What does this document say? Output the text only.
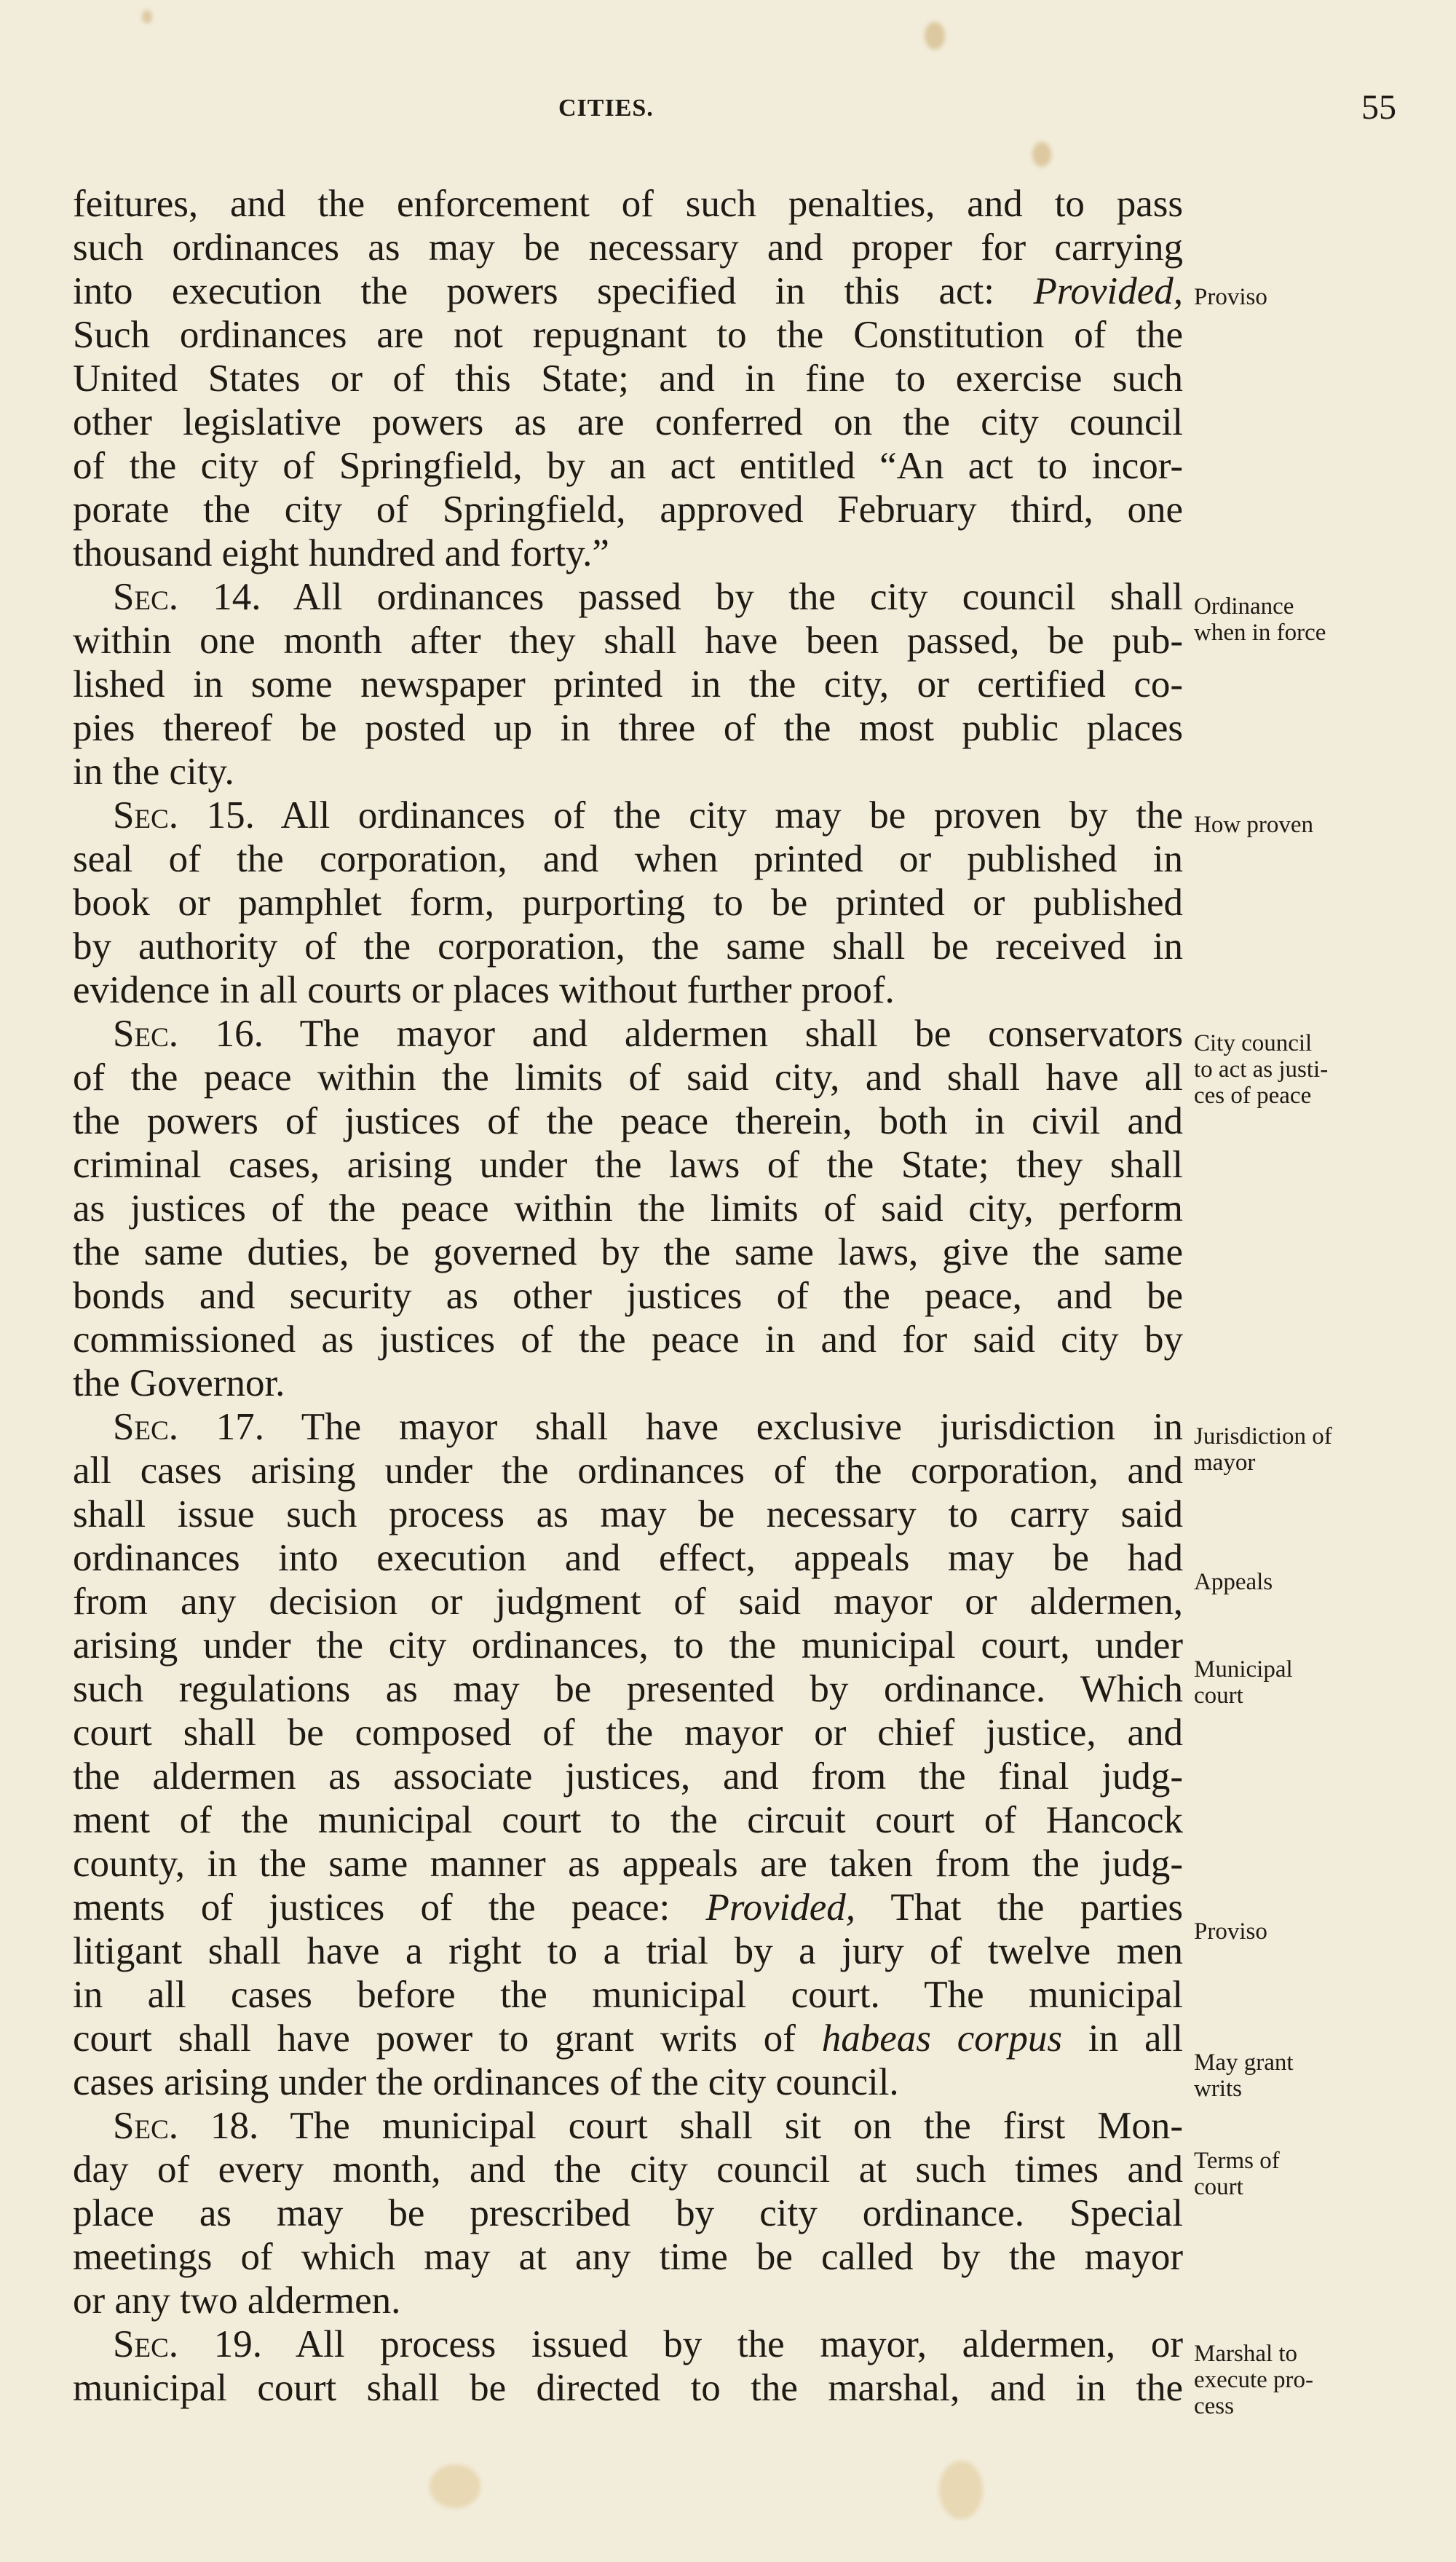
CITIES.	55
feitures, and the enforcement of such penalties, and to pass
such ordinances as may be necessary and proper for carrying
into execution the powers specified in this act: Provided,
Such ordinances are not repugnant to the Constitution of the
United States or of this State; and in fine to exercise such
other legislative powers as are conferred on the city council
of the city of Springfield, by an act entitled “An act to incor-
porate the city of Springfield, approved February third, one
thousand eight hundred and forty.”
Sec. 14. All ordinances passed by the city council shall
within one month after they shall have been passed, be pub-
lished in some newspaper printed in the city, or certified co-
pies thereof be posted up in three of the most public places
in the city.
Sec. 15. All ordinances of the city may be proven by the
seal of the corporation, and when printed or published in
book or pamphlet form, purporting to be printed or published
by authority of the corporation, the same shall be received in
evidence in all courts or places without further proof.
Sec. 16. The mayor and aldermen shall be conservators
of the peace within the limits of said city, and shall have all
the powers of justices of the peace therein, both in civil and
criminal cases, arising under the laws of the State; they shall
as justices of the peace within the limits of said city, perform
the same duties, be governed by the same laws, give the same
bonds and security as other justices of the peace, and be
commissioned as justices of the peace in and for said city by
the Governor.
Sec. 17. The mayor shall have exclusive jurisdiction in
all cases arising under the ordinances of the corporation, and
shall issue such process as may be necessary to carry said
ordinances into execution and effect, appeals may be had
from any decision or judgment of said mayor or aldermen,
arising under the city ordinances, to the municipal court, under
such regulations as may be presented by ordinance. Which
court shall be composed of the mayor or chief justice, and
the aldermen as associate justices, and from the final judg-
ment of the municipal court to the circuit court of Hancock
county, in the same manner as appeals are taken from the judg-
ments of justices of the peace: Provided, That the parties
litigant shall have a right to a trial by a jury of twelve men
in all cases before the municipal court. The municipal
court shall have power to grant writs of habeas corpus in all
cases arising under the ordinances of the city council.
Sec. 18. The municipal court shall sit on the first Mon-
day of every month, and the city council at such times and
place as may be prescribed by city ordinance. Special
meetings of which may at any time be called by the mayor
or any two aldermen.
Sec. 19. All process issued by the mayor, aldermen, or
municipal court shall be directed to the marshal, and in the
Proviso
Ordinance
when in force
How proven
City council
to act as justi-
ces of peace
Jurisdiction of
mayor
Appeals
Municipal
court
Proviso
May grant
writs
Terms of
court
Marshal to
execute pro-
cess
